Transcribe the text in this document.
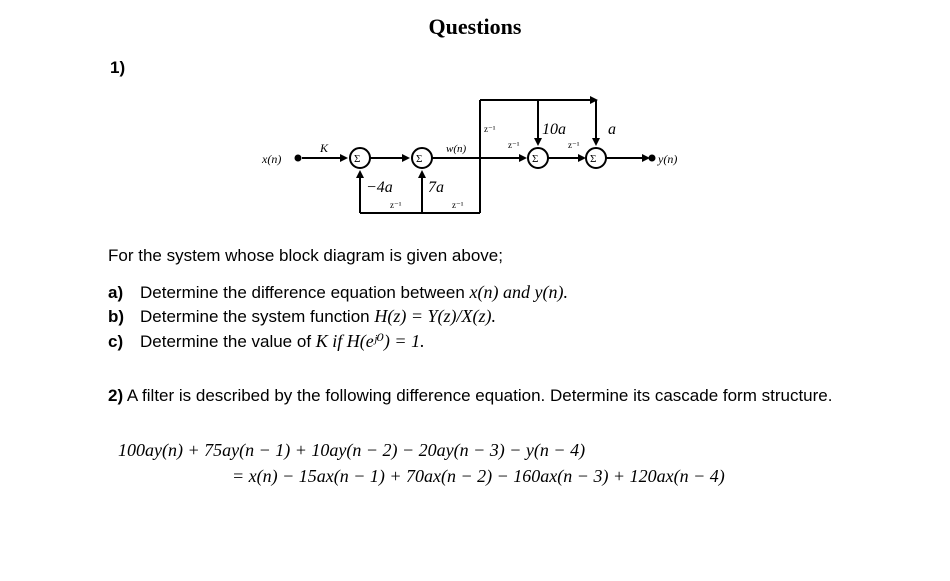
Questions
1)
x(n)
K
Σ	Σ	Σ	Σ
w(n)
y(n)
10a	a
−4a 7a
z⁻¹	z⁻¹
z⁻¹
z⁻¹	z⁻¹
For the system whose block diagram is given above;
a) Determine the difference equation between x(n) and y(n).
b) Determine the system function H(z) = Y(z)/X(z).
c) Determine the value of K if H(eʲ⁰) = 1.
2) A filter is described by the following difference equation. Determine its cascade form structure.
100ay(n) + 75ay(n − 1) + 10ay(n − 2) − 20ay(n − 3) − y(n − 4)
= x(n) − 15ax(n − 1) + 70ax(n − 2) − 160ax(n − 3) + 120ax(n − 4)
